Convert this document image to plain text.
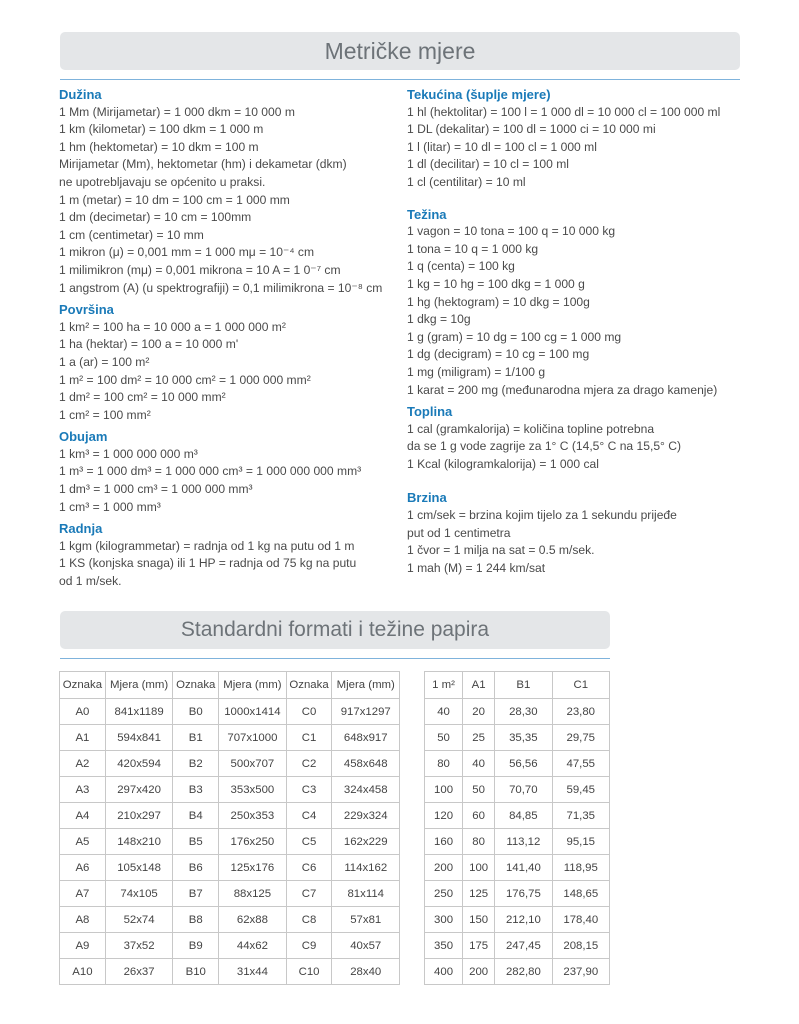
Metričke mjere

Dužina

1 Mm (Mirijametar) = 1 000 dkm = 10 000 m

1 km (kilometar) = 100 dkm = 1 000 m

1 hm (hektometar) = 10 dkm = 100 m

Mirijametar (Mm), hektometar (hm) i dekametar (dkm)

ne upotrebljavaju se općenito u praksi.

1 m (metar) = 10 dm = 100 cm = 1 000 mm

1 dm (decimetar) = 10 cm = 100mm

1 cm (centimetar) = 10 mm

1 mikron (μ) = 0,001 mm = 1 000 mμ = 10⁻⁴ cm

1 milimikron (mμ) = 0,001 mikrona = 10 A = 1 0⁻⁷ cm

1 angstrom (A) (u spektrografiji) = 0,1 milimikrona = 10⁻⁸ cm

Površina

1 km² = 100 ha = 10 000 a = 1 000 000 m²

1 ha (hektar) = 100 a = 10 000 m'

1 a (ar) = 100 m²

1 m² = 100 dm² = 10 000 cm² = 1 000 000 mm²

1 dm² = 100 cm² = 10 000 mm²

1 cm² = 100 mm²

Obujam

1 km³ = 1 000 000 000 m³

1 m³ = 1 000 dm³ = 1 000 000 cm³ = 1 000 000 000 mm³

1 dm³ = 1 000 cm³ = 1 000 000 mm³

1 cm³ = 1 000 mm³

Radnja

1 kgm (kilogrammetar) = radnja od 1 kg na putu od 1 m

1 KS (konjska snaga) ili 1 HP = radnja od 75 kg na putu

od 1 m/sek.

Tekućina (šuplje mjere)

1 hl (hektolitar) = 100 l = 1 000 dl = 10 000 cl = 100 000 ml

1 DL (dekalitar) = 100 dl = 1000 ci = 10 000 mi

1 l (litar) = 10 dl = 100 cl = 1 000 ml

1 dl (decilitar) = 10 cl = 100 ml

1 cl (centilitar) = 10 ml

Težina

1 vagon = 10 tona = 100 q = 10 000 kg

1 tona = 10 q = 1 000 kg

1 q (centa) = 100 kg

1 kg = 10 hg = 100 dkg = 1 000 g

1 hg (hektogram) = 10 dkg = 100g

1 dkg = 10g

1 g (gram) = 10 dg = 100 cg = 1 000 mg

1 dg (decigram) = 10 cg = 100 mg

1 mg (miligram) = 1/100 g

1 karat = 200 mg (međunarodna mjera za drago kamenje)

Toplina

1 cal (gramkalorija) = količina topline potrebna

da se 1 g vode zagrije za 1° C (14,5° C na 15,5° C)

1 Kcal (kilogramkalorija) = 1 000 cal

Brzina

1 cm/sek = brzina kojim tijelo za 1 sekundu prijeđe

put od 1 centimetra

1 čvor = 1 milja na sat = 0.5 m/sek.

1 mah (M) = 1 244 km/sat

Standardni formati i težine papira
Oznaka	Mjera (mm)	Oznaka	Mjera (mm)	Oznaka	Mjera (mm)
A0	841x1189	B0	1000x1414	C0	917x1297
A1	594x841	B1	707x1000	C1	648x917
A2	420x594	B2	500x707	C2	458x648
A3	297x420	B3	353x500	C3	324x458
A4	210x297	B4	250x353	C4	229x324
A5	148x210	B5	176x250	C5	162x229
A6	105x148	B6	125x176	C6	114x162
A7	74x105	B7	88x125	C7	81x114
A8	52x74	B8	62x88	C8	57x81
A9	37x52	B9	44x62	C9	40x57
A10	26x37	B10	31x44	C10	28x40
1 m²	A1	B1	C1
40	20	28,30	23,80
50	25	35,35	29,75
80	40	56,56	47,55
100	50	70,70	59,45
120	60	84,85	71,35
160	80	113,12	95,15
200	100	141,40	118,95
250	125	176,75	148,65
300	150	212,10	178,40
350	175	247,45	208,15
400	200	282,80	237,90
